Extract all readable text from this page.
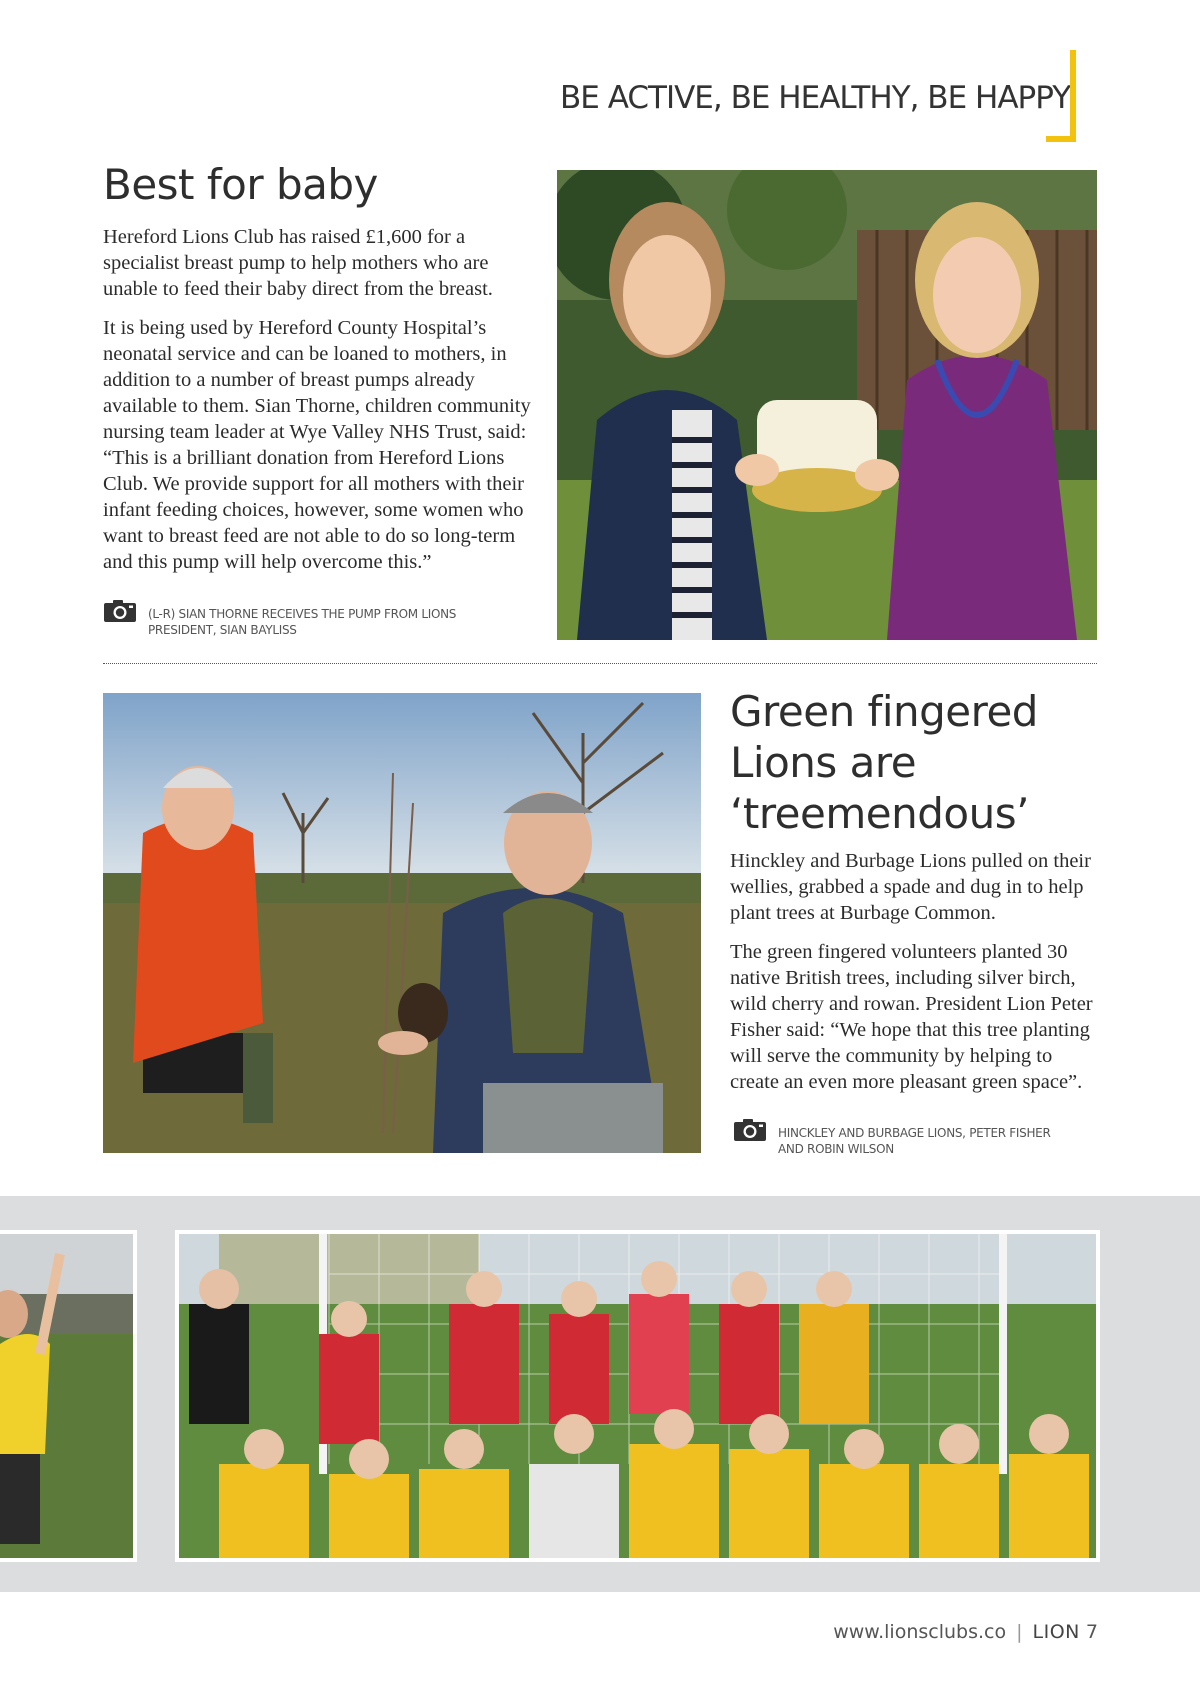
BE ACTIVE, BE HEALTHY, BE HAPPY
Best for baby

Hereford Lions Club has raised £1,600 for a specialist breast pump to help mothers who are unable to feed their baby direct from the breast.

It is being used by Hereford County Hospital’s neonatal service and can be loaned to mothers, in addition to a number of breast pumps already available to them. Sian Thorne, children community nursing team leader at Wye Valley NHS Trust, said: “This is a brilliant donation from Hereford Lions Club. We provide support for all mothers with their infant feeding choices, however, some women who want to breast feed are not able to do so long-term and this pump will help overcome this.”

(L-R) SIAN THORNE RECEIVES THE PUMP FROM LIONS PRESIDENT, SIAN BAYLISS
Green fingered
Lions are
‘treemendous’

Hinckley and Burbage Lions pulled on their wellies, grabbed a spade and dug in to help plant trees at Burbage Common.

The green fingered volunteers planted 30 native British trees, including silver birch, wild cherry and rowan. President Lion Peter Fisher said: “We hope that this tree planting will serve the community by helping to create an even more pleasant green space”.

HINCKLEY AND BURBAGE LIONS, PETER FISHER AND ROBIN WILSON
www.lionsclubs.co | LION 7
